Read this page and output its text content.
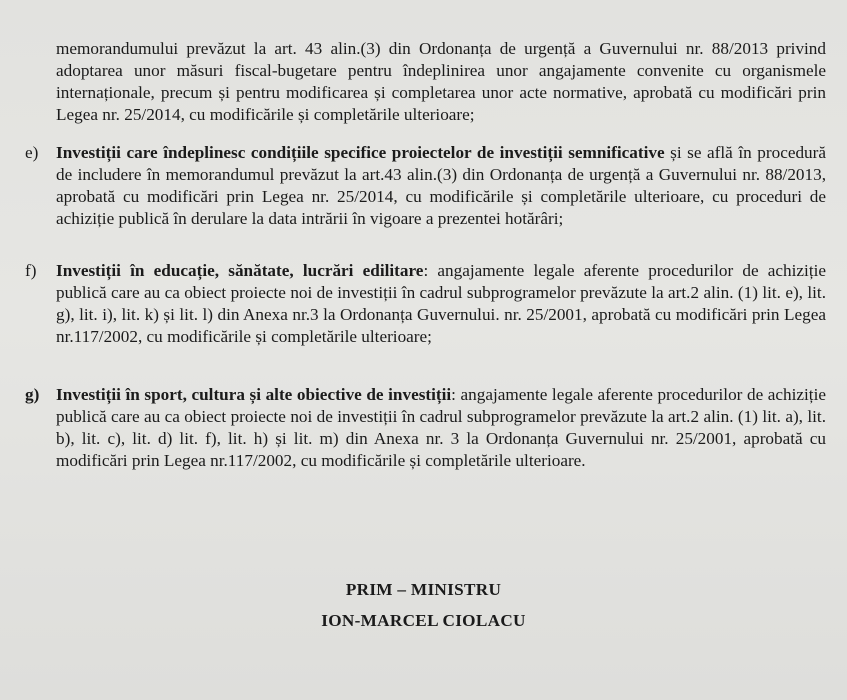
memorandumului prevăzut la art. 43 alin.(3) din Ordonanța de urgență a Guvernului nr. 88/2013 privind adoptarea unor măsuri fiscal-bugetare pentru îndeplinirea unor angajamente convenite cu organismele internaționale, precum și pentru modificarea și completarea unor acte normative, aprobată cu modificări prin Legea nr. 25/2014, cu modificările și completările ulterioare;

e) Investiții care îndeplinesc condițiile specifice proiectelor de investiții semnificative și se află în procedură de includere în memorandumul prevăzut la art.43 alin.(3) din Ordonanța de urgență a Guvernului nr. 88/2013, aprobată cu modificări prin Legea nr. 25/2014, cu modificările și completările ulterioare, cu proceduri de achiziție publică în derulare la data intrării în vigoare a prezentei hotărâri;

f) Investiții în educație, sănătate, lucrări edilitare: angajamente legale aferente procedurilor de achiziție publică care au ca obiect proiecte noi de investiții în cadrul subprogramelor prevăzute la art.2 alin. (1) lit. e), lit. g), lit. i), lit. k) și lit. l) din Anexa nr.3 la Ordonanța Guvernului. nr. 25/2001, aprobată cu modificări prin Legea nr.117/2002, cu modificările și completările ulterioare;

g) Investiții în sport, cultura și alte obiective de investiții: angajamente legale aferente procedurilor de achiziție publică care au ca obiect proiecte noi de investiții în cadrul subprogramelor prevăzute la art.2 alin. (1) lit. a), lit. b), lit. c), lit. d) lit. f), lit. h) și lit. m) din Anexa nr. 3 la Ordonanța Guvernului nr. 25/2001, aprobată cu modificări prin Legea nr.117/2002, cu modificările și completările ulterioare.

PRIM – MINISTRU
ION-MARCEL CIOLACU
